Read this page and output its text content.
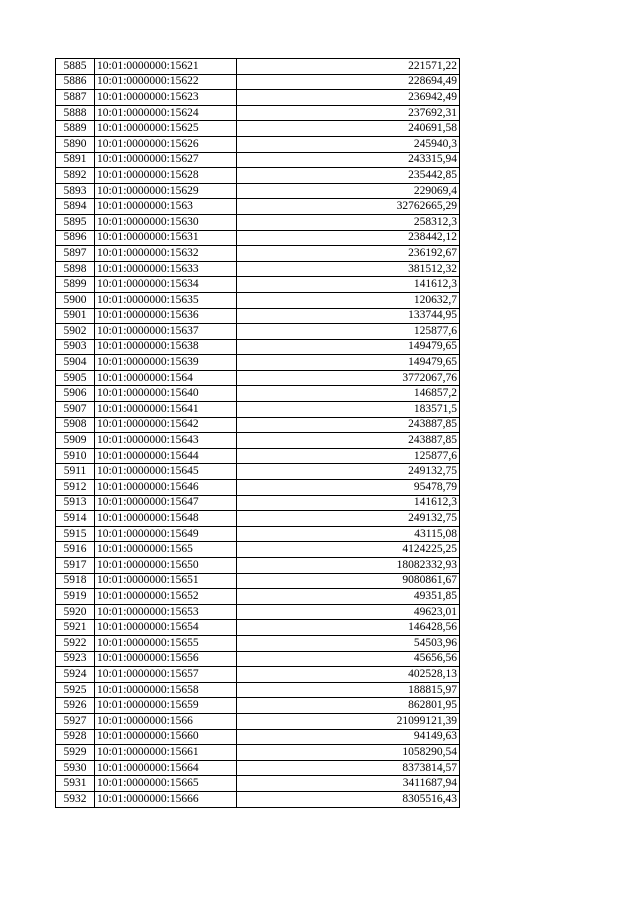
5885	10:01:0000000:15621	221571,22
5886	10:01:0000000:15622	228694,49
5887	10:01:0000000:15623	236942,49
5888	10:01:0000000:15624	237692,31
5889	10:01:0000000:15625	240691,58
5890	10:01:0000000:15626	245940,3
5891	10:01:0000000:15627	243315,94
5892	10:01:0000000:15628	235442,85
5893	10:01:0000000:15629	229069,4
5894	10:01:0000000:1563	32762665,29
5895	10:01:0000000:15630	258312,3
5896	10:01:0000000:15631	238442,12
5897	10:01:0000000:15632	236192,67
5898	10:01:0000000:15633	381512,32
5899	10:01:0000000:15634	141612,3
5900	10:01:0000000:15635	120632,7
5901	10:01:0000000:15636	133744,95
5902	10:01:0000000:15637	125877,6
5903	10:01:0000000:15638	149479,65
5904	10:01:0000000:15639	149479,65
5905	10:01:0000000:1564	3772067,76
5906	10:01:0000000:15640	146857,2
5907	10:01:0000000:15641	183571,5
5908	10:01:0000000:15642	243887,85
5909	10:01:0000000:15643	243887,85
5910	10:01:0000000:15644	125877,6
5911	10:01:0000000:15645	249132,75
5912	10:01:0000000:15646	95478,79
5913	10:01:0000000:15647	141612,3
5914	10:01:0000000:15648	249132,75
5915	10:01:0000000:15649	43115,08
5916	10:01:0000000:1565	4124225,25
5917	10:01:0000000:15650	18082332,93
5918	10:01:0000000:15651	9080861,67
5919	10:01:0000000:15652	49351,85
5920	10:01:0000000:15653	49623,01
5921	10:01:0000000:15654	146428,56
5922	10:01:0000000:15655	54503,96
5923	10:01:0000000:15656	45656,56
5924	10:01:0000000:15657	402528,13
5925	10:01:0000000:15658	188815,97
5926	10:01:0000000:15659	862801,95
5927	10:01:0000000:1566	21099121,39
5928	10:01:0000000:15660	94149,63
5929	10:01:0000000:15661	1058290,54
5930	10:01:0000000:15664	8373814,57
5931	10:01:0000000:15665	3411687,94
5932	10:01:0000000:15666	8305516,43
